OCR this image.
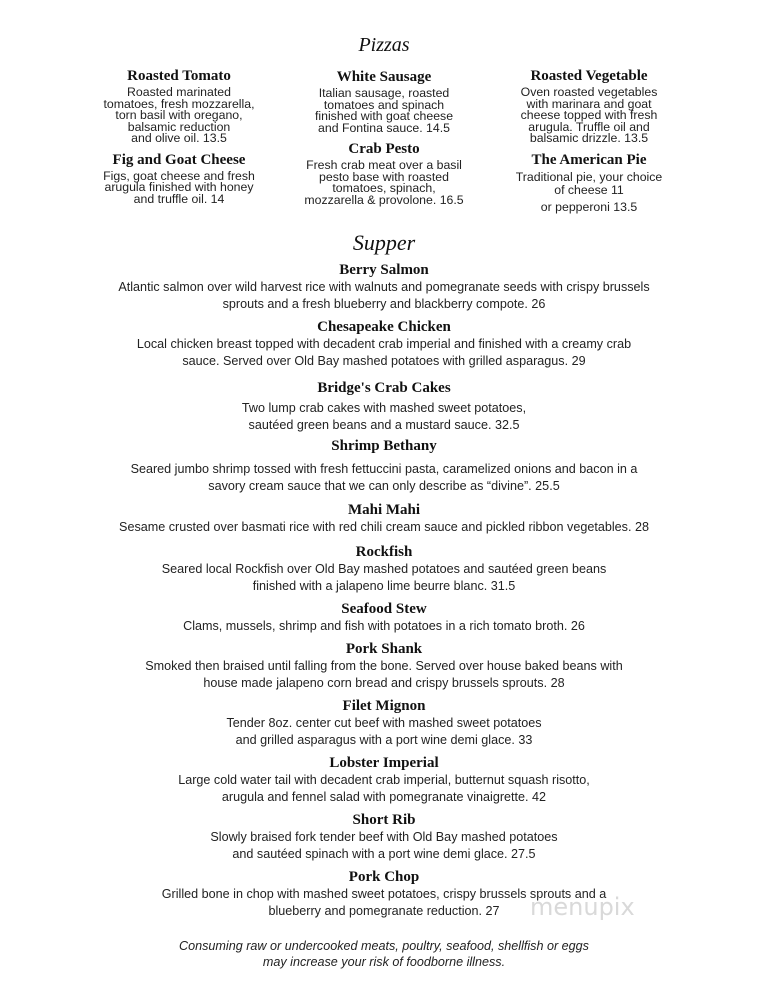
Pizzas
Roasted Tomato
Roasted marinated
tomatoes, fresh mozzarella,
torn basil with oregano,
balsamic reduction
and olive oil. 13.5
Fig and Goat Cheese
Figs, goat cheese and fresh
arugula finished with honey
and truffle oil. 14
White Sausage
Italian sausage, roasted
tomatoes and spinach
finished with goat cheese
and Fontina sauce. 14.5
Crab Pesto
Fresh crab meat over a basil
pesto base with roasted
tomatoes, spinach,
mozzarella & provolone. 16.5
Roasted Vegetable
Oven roasted vegetables
with marinara and goat
cheese topped with fresh
arugula. Truffle oil and
balsamic drizzle. 13.5
The American Pie
Traditional pie, your choice
of cheese 11
or pepperoni 13.5
Supper
Berry Salmon
Atlantic salmon over wild harvest rice with walnuts and pomegranate seeds with crispy brussels
sprouts and a fresh blueberry and blackberry compote. 26
Chesapeake Chicken
Local chicken breast topped with decadent crab imperial and finished with a creamy crab
sauce. Served over Old Bay mashed potatoes with grilled asparagus. 29
Bridge's Crab Cakes
Two lump crab cakes with mashed sweet potatoes,
sautéed green beans and a mustard sauce. 32.5
Shrimp Bethany
Seared jumbo shrimp tossed with fresh fettuccini pasta, caramelized onions and bacon in a
savory cream sauce that we can only describe as “divine”. 25.5
Mahi Mahi
Sesame crusted over basmati rice with red chili cream sauce and pickled ribbon vegetables. 28
Rockfish
Seared local Rockfish over Old Bay mashed potatoes and sautéed green beans
finished with a jalapeno lime beurre blanc. 31.5
Seafood Stew
Clams, mussels, shrimp and fish with potatoes in a rich tomato broth. 26
Pork Shank
Smoked then braised until falling from the bone. Served over house baked beans with
house made jalapeno corn bread and crispy brussels sprouts. 28
Filet Mignon
Tender 8oz. center cut beef with mashed sweet potatoes
and grilled asparagus with a port wine demi glace. 33
Lobster Imperial
Large cold water tail with decadent crab imperial, butternut squash risotto,
arugula and fennel salad with pomegranate vinaigrette. 42
Short Rib
Slowly braised fork tender beef with Old Bay mashed potatoes
and sautéed spinach with a port wine demi glace. 27.5
Pork Chop
Grilled bone in chop with mashed sweet potatoes, crispy brussels sprouts and a
blueberry and pomegranate reduction. 27
Consuming raw or undercooked meats, poultry, seafood, shellfish or eggs
may increase your risk of foodborne illness.
menupix
